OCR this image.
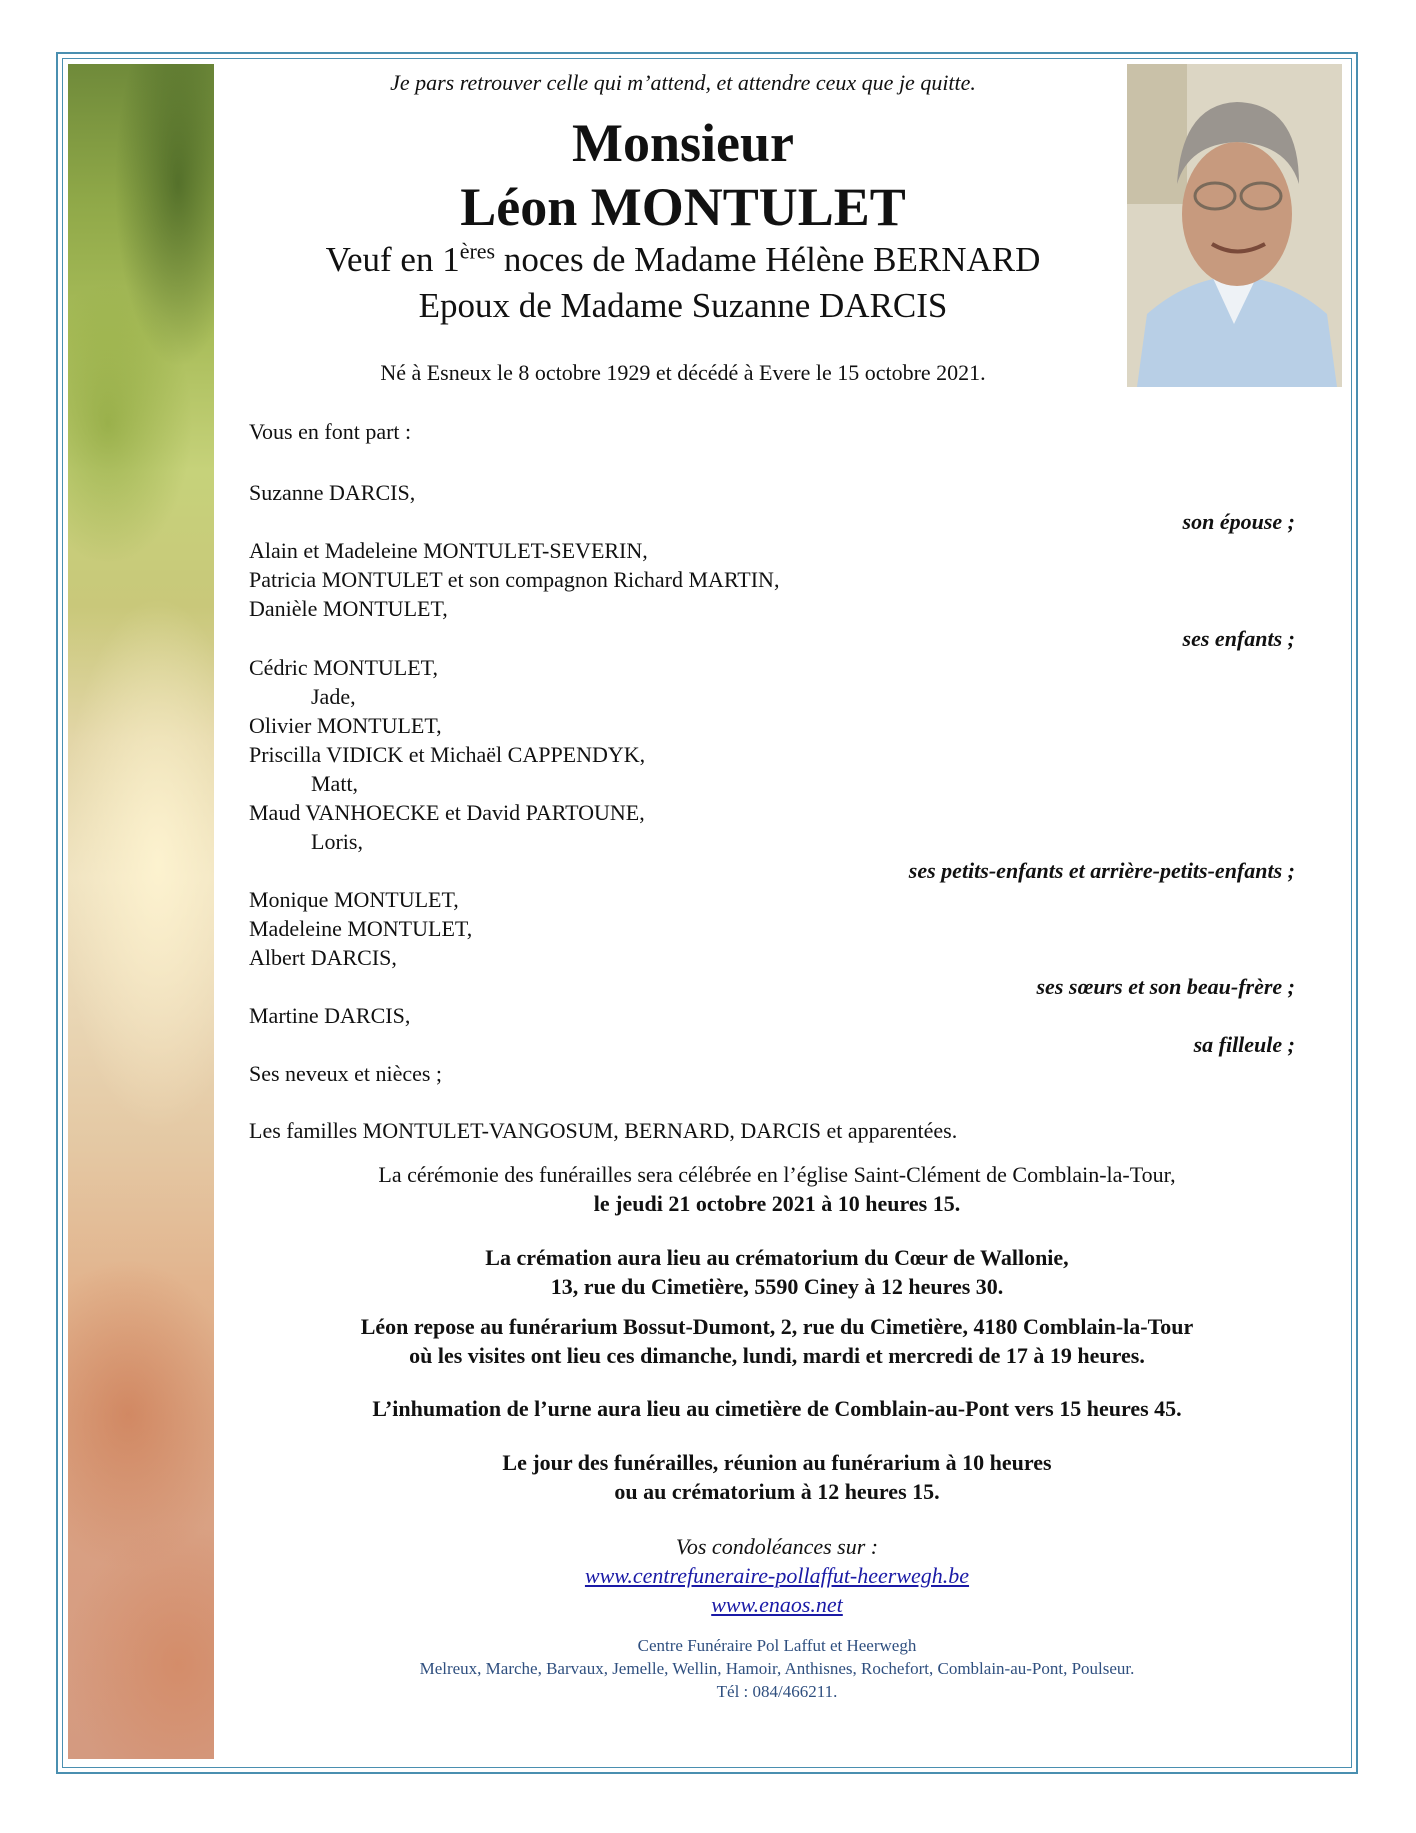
Je pars retrouver celle qui m’attend, et attendre ceux que je quitte.
Monsieur
Léon MONTULET
Veuf en 1ères noces de Madame Hélène BERNARD
Epoux de Madame Suzanne DARCIS
Né à Esneux le 8 octobre 1929 et décédé à Evere le 15 octobre 2021.
Vous en font part :
Suzanne DARCIS,
son épouse ;
Alain et Madeleine MONTULET-SEVERIN,
Patricia MONTULET et son compagnon Richard MARTIN,
Danièle MONTULET,
ses enfants ;
Cédric MONTULET,
Jade,
Olivier MONTULET,
Priscilla VIDICK et Michaël CAPPENDYK,
Matt,
Maud VANHOECKE et David PARTOUNE,
Loris,
ses petits-enfants et arrière-petits-enfants ;
Monique MONTULET,
Madeleine MONTULET,
Albert DARCIS,
ses sœurs et son beau-frère ;
Martine DARCIS,
sa filleule ;
Ses neveux et nièces ;
Les familles MONTULET-VANGOSUM, BERNARD, DARCIS et apparentées.
La cérémonie des funérailles sera célébrée en l’église Saint-Clément de Comblain-la-Tour,
le jeudi 21 octobre 2021 à 10 heures 15.
La crémation aura lieu au crématorium du Cœur de Wallonie,
13, rue du Cimetière, 5590 Ciney à 12 heures 30.
Léon repose au funérarium Bossut-Dumont, 2, rue du Cimetière, 4180 Comblain-la-Tour
où les visites ont lieu ces dimanche, lundi, mardi et mercredi de 17 à 19 heures.
L’inhumation de l’urne aura lieu au cimetière de Comblain-au-Pont vers 15 heures 45.
Le jour des funérailles, réunion au funérarium à 10 heures
ou au crématorium à 12 heures 15.
Vos condoléances sur :
www.centrefuneraire-pollaffut-heerwegh.be
www.enaos.net
Centre Funéraire Pol Laffut et Heerwegh
Melreux, Marche, Barvaux, Jemelle, Wellin, Hamoir, Anthisnes, Rochefort, Comblain-au-Pont, Poulseur.
Tél : 084/466211.
